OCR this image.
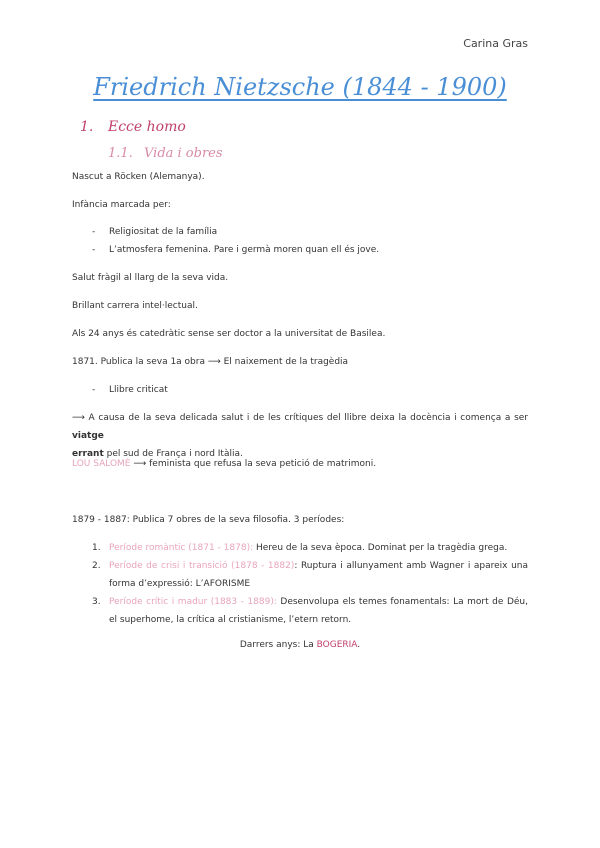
Carina Gras
Friedrich Nietzsche (1844 - 1900)
1. Ecce homo
1.1. Vida i obres
Nascut a Röcken (Alemanya).
Infància marcada per:
- Religiositat de la família
- L’atmosfera femenina. Pare i germà moren quan ell és jove.
Salut fràgil al llarg de la seva vida.
Brillant carrera intel·lectual.
Als 24 anys és catedràtic sense ser doctor a la universitat de Basilea.
1871. Publica la seva 1a obra ⟶ El naixement de la tragèdia
- Llibre criticat
⟶ A causa de la seva delicada salut i de les crítiques del llibre deixa la docència i comença a ser viatge
errant pel sud de França i nord Itàlia.
LOU SALOMÉ ⟶ feminista que refusa la seva petició de matrimoni.
1879 - 1887: Publica 7 obres de la seva filosofia. 3 períodes:
1. Període romàntic (1871 - 1878): Hereu de la seva època. Dominat per la tragèdia grega.
2. Període de crisi i transició (1878 - 1882): Ruptura i allunyament amb Wagner i apareix una forma d’expressió: L’AFORISME
3. Període crític i madur (1883 - 1889): Desenvolupa els temes fonamentals: La mort de Déu, el superhome, la crítica al cristianisme, l’etern retorn.
Darrers anys: La BOGERIA.
